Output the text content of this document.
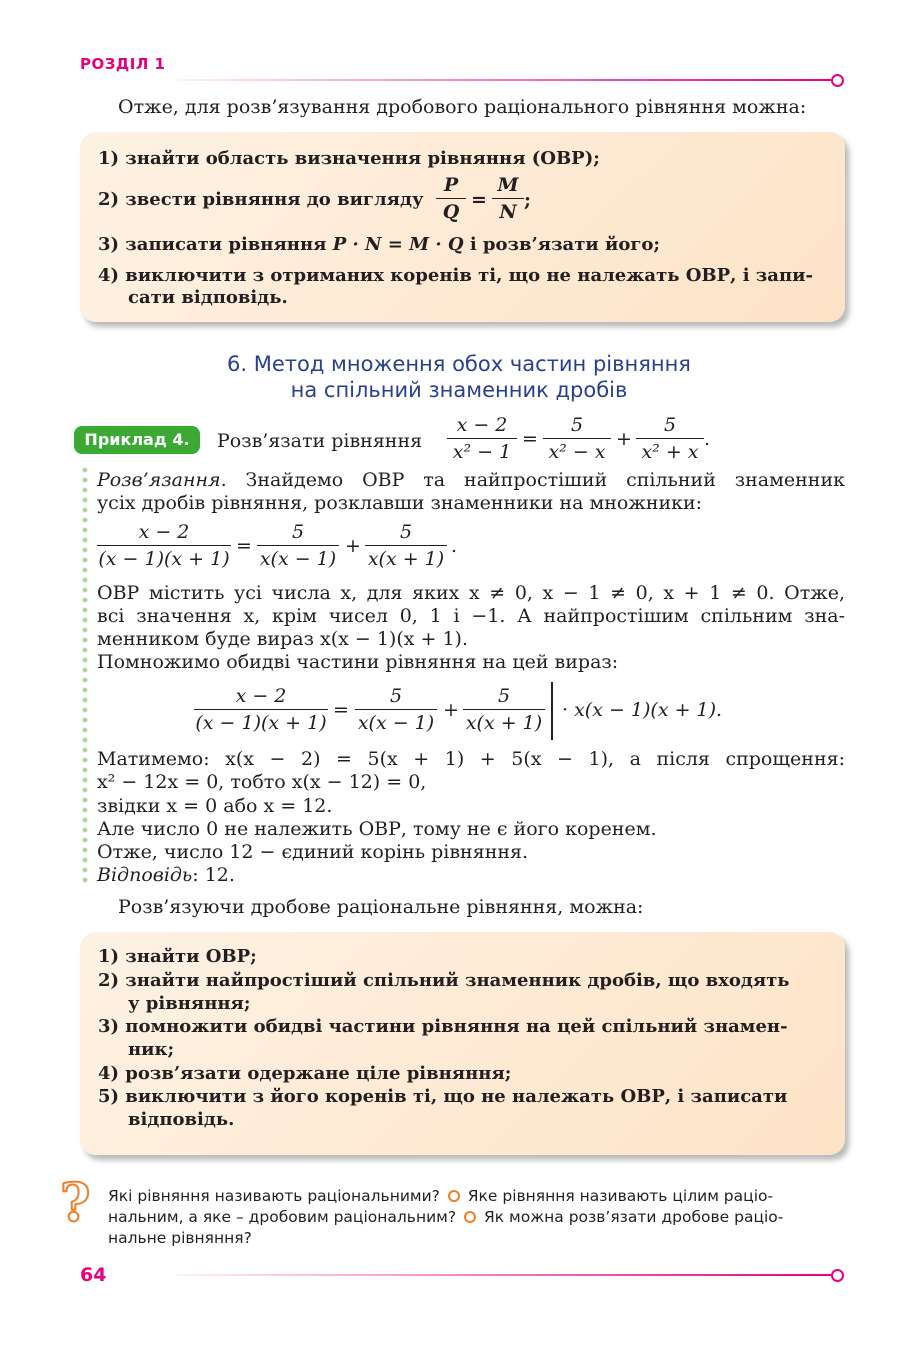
РОЗДІЛ 1
Отже, для розв’язування дробового раціонального рівняння можна:
1) знайти область визначення рівняння (ОВР);
2) звести рівняння до вигляду $\frac{P}{Q} = \frac{M}{N}$ ;
3) записати рівняння P · N = M · Q і розв’язати його;
4) виключити з отриманих коренів ті, що не належать ОВР, і запи-
сати відповідь.
6. Метод множення обох частин рівняння
на спільний знаменник дробів
Приклад 4.	Розв’язати рівняння $\frac{x - 2}{\text{x² − 1}} = \frac{5}{\text{x² − x}} + \frac{5}{\text{x² + x}}$ .
Розв’язання. Знайдемо ОВР та найпростіший спільний знаменник
усіх дробів рівняння, розклавши знаменники на множники:
$\frac{x - 2}{(x - 1)(x + 1)} = \frac{5}{x(x - 1)} + \frac{5}{x(x + 1)}$ .
ОВР містить усі числа x, для яких x ≠ 0, x − 1 ≠ 0, x + 1 ≠ 0. Отже,
всі значення x, крім чисел 0, 1 і −1. А найпростішим спільним зна-
менником буде вираз x(x − 1)(x + 1).
Помножимо обидві частини рівняння на цей вираз:
$\frac{x - 2}{(x - 1)(x + 1)} = \frac{5}{x(x - 1)} + \frac{5}{x(x + 1)} \cdot x(x - 1)(x + 1)$.
Матимемо: x(x − 2) = 5(x + 1) + 5(x − 1), а після спрощення:
x² − 12x = 0, тобто x(x − 12) = 0,
звідки x = 0 або x = 12.
Але число 0 не належить ОВР, тому не є його коренем.
Отже, число 12 − єдиний корінь рівняння.
Відповідь: 12.
Розв’язуючи дробове раціональне рівняння, можна:
1) знайти ОВР;
2) знайти найпростіший спільний знаменник дробів, що входять
у рівняння;
3) помножити обидві частини рівняння на цей спільний знамен-
ник;
4) розв’язати одержане ціле рівняння;
5) виключити з його коренів ті, що не належать ОВР, і записати
відповідь.
? Які рівняння називають раціональними? Яке рівняння називають цілим раціо-
нальним, а яке – дробовим раціональним? Як можна розв’язати дробове раціо-
нальне рівняння?
64
